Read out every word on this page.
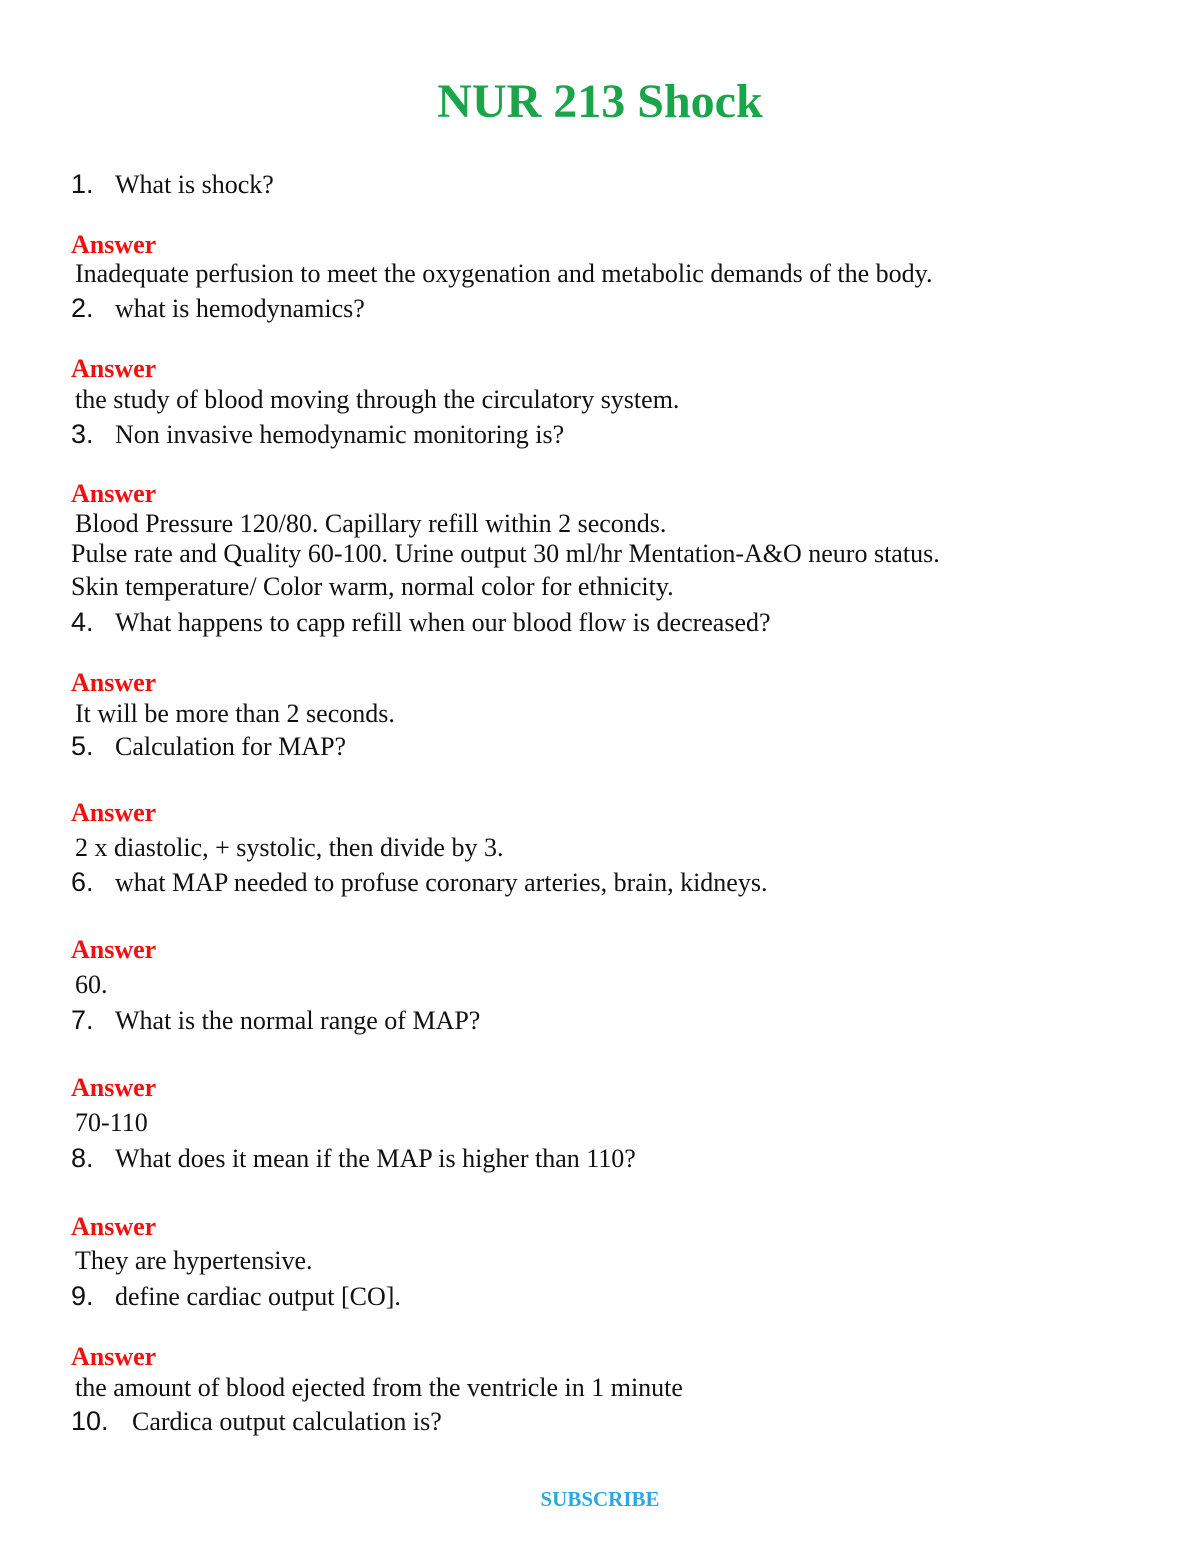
NUR 213 Shock
1. What is shock?
Answer
Inadequate perfusion to meet the oxygenation and metabolic demands of the body.
2. what is hemodynamics?
Answer
the study of blood moving through the circulatory system.
3. Non invasive hemodynamic monitoring is?
Answer
Blood Pressure 120/80. Capillary refill within 2 seconds.
Pulse rate and Quality 60-100. Urine output 30 ml/hr Mentation-A&O neuro status.
Skin temperature/ Color warm, normal color for ethnicity.
4. What happens to capp refill when our blood flow is decreased?
Answer
It will be more than 2 seconds.
5. Calculation for MAP?
Answer
2 x diastolic, + systolic, then divide by 3.
6. what MAP needed to profuse coronary arteries, brain, kidneys.
Answer
60.
7. What is the normal range of MAP?
Answer
70-110
8. What does it mean if the MAP is higher than 110?
Answer
They are hypertensive.
9. define cardiac output [CO].
Answer
the amount of blood ejected from the ventricle in 1 minute
10. Cardica output calculation is?
SUBSCRIBE
